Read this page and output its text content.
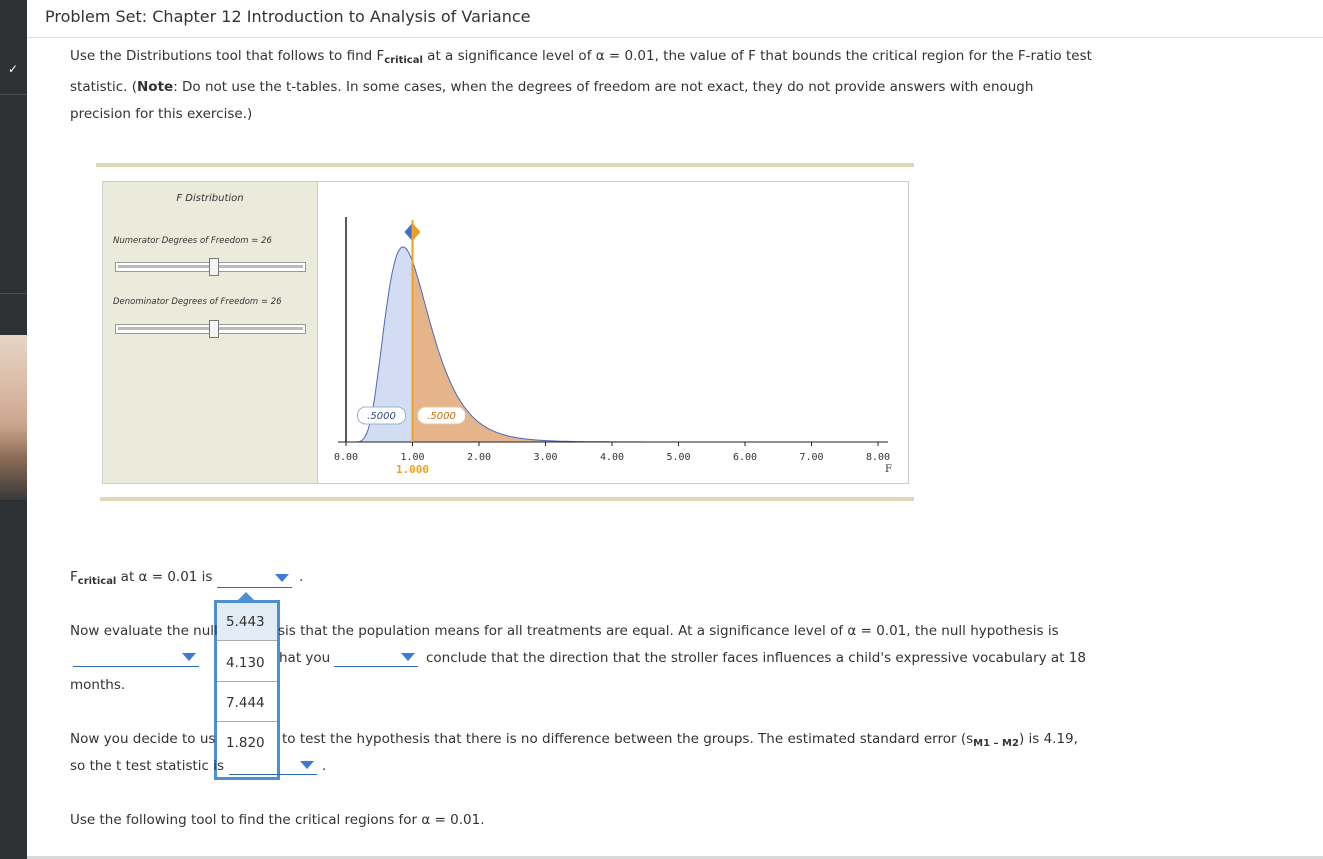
✓
Problem Set: Chapter 12 Introduction to Analysis of Variance
Use the Distributions tool that follows to find $F_{critical}$ at a significance level of α = 0.01, the value of F that bounds the critical region for the F-ratio test
statistic. (Note: Do not use the t-tables. In some cases, when the degrees of freedom are not exact, they do not provide answers with enough
precision for this exercise.)
F Distribution
Numerator Degrees of Freedom = 26
Denominator Degrees of Freedom = 26
0.00	1.00	2.00	3.00	4.00	5.00	6.00	7.00	8.00
.5000	.5000
1.000	F
$F_{critical}$ at α = 0.01 is	.
5.443
4.130
7.444
1.820
Now evaluate the null	sis that the population means for all treatments are equal. At a significance level of α = 0.01, the null hypothesis is
hat you	conclude that the direction that the stroller faces influences a child's expressive vocabulary at 18
months.
Now you decide to us	to test the hypothesis that there is no difference between the groups. The estimated standard error $(s_{M1 - M2})$ is 4.19,
so the t test statistic is	.
Use the following tool to find the critical regions for α = 0.01.
